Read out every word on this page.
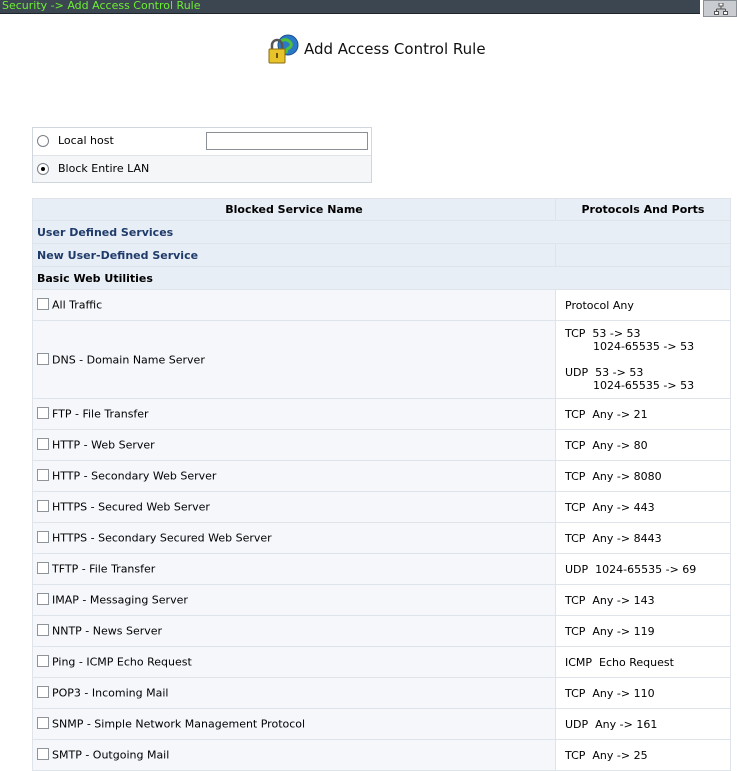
Security -> Add Access Control Rule
Add Access Control Rule
Local host
Block Entire LAN
Blocked Service Name	Protocols And Ports
User Defined Services	
New User-Defined Service	
Basic Web Utilities	
All Traffic	Protocol Any
DNS - Domain Name Server	TCP  53 -> 53
1024-65535 -> 53

UDP  53 -> 53
1024-65535 -> 53
FTP - File Transfer	TCP  Any -> 21
HTTP - Web Server	TCP  Any -> 80
HTTP - Secondary Web Server	TCP  Any -> 8080
HTTPS - Secured Web Server	TCP  Any -> 443
HTTPS - Secondary Secured Web Server	TCP  Any -> 8443
TFTP - File Transfer	UDP  1024-65535 -> 69
IMAP - Messaging Server	TCP  Any -> 143
NNTP - News Server	TCP  Any -> 119
Ping - ICMP Echo Request	ICMP  Echo Request
POP3 - Incoming Mail	TCP  Any -> 110
SNMP - Simple Network Management Protocol	UDP  Any -> 161
SMTP - Outgoing Mail	TCP  Any -> 25
